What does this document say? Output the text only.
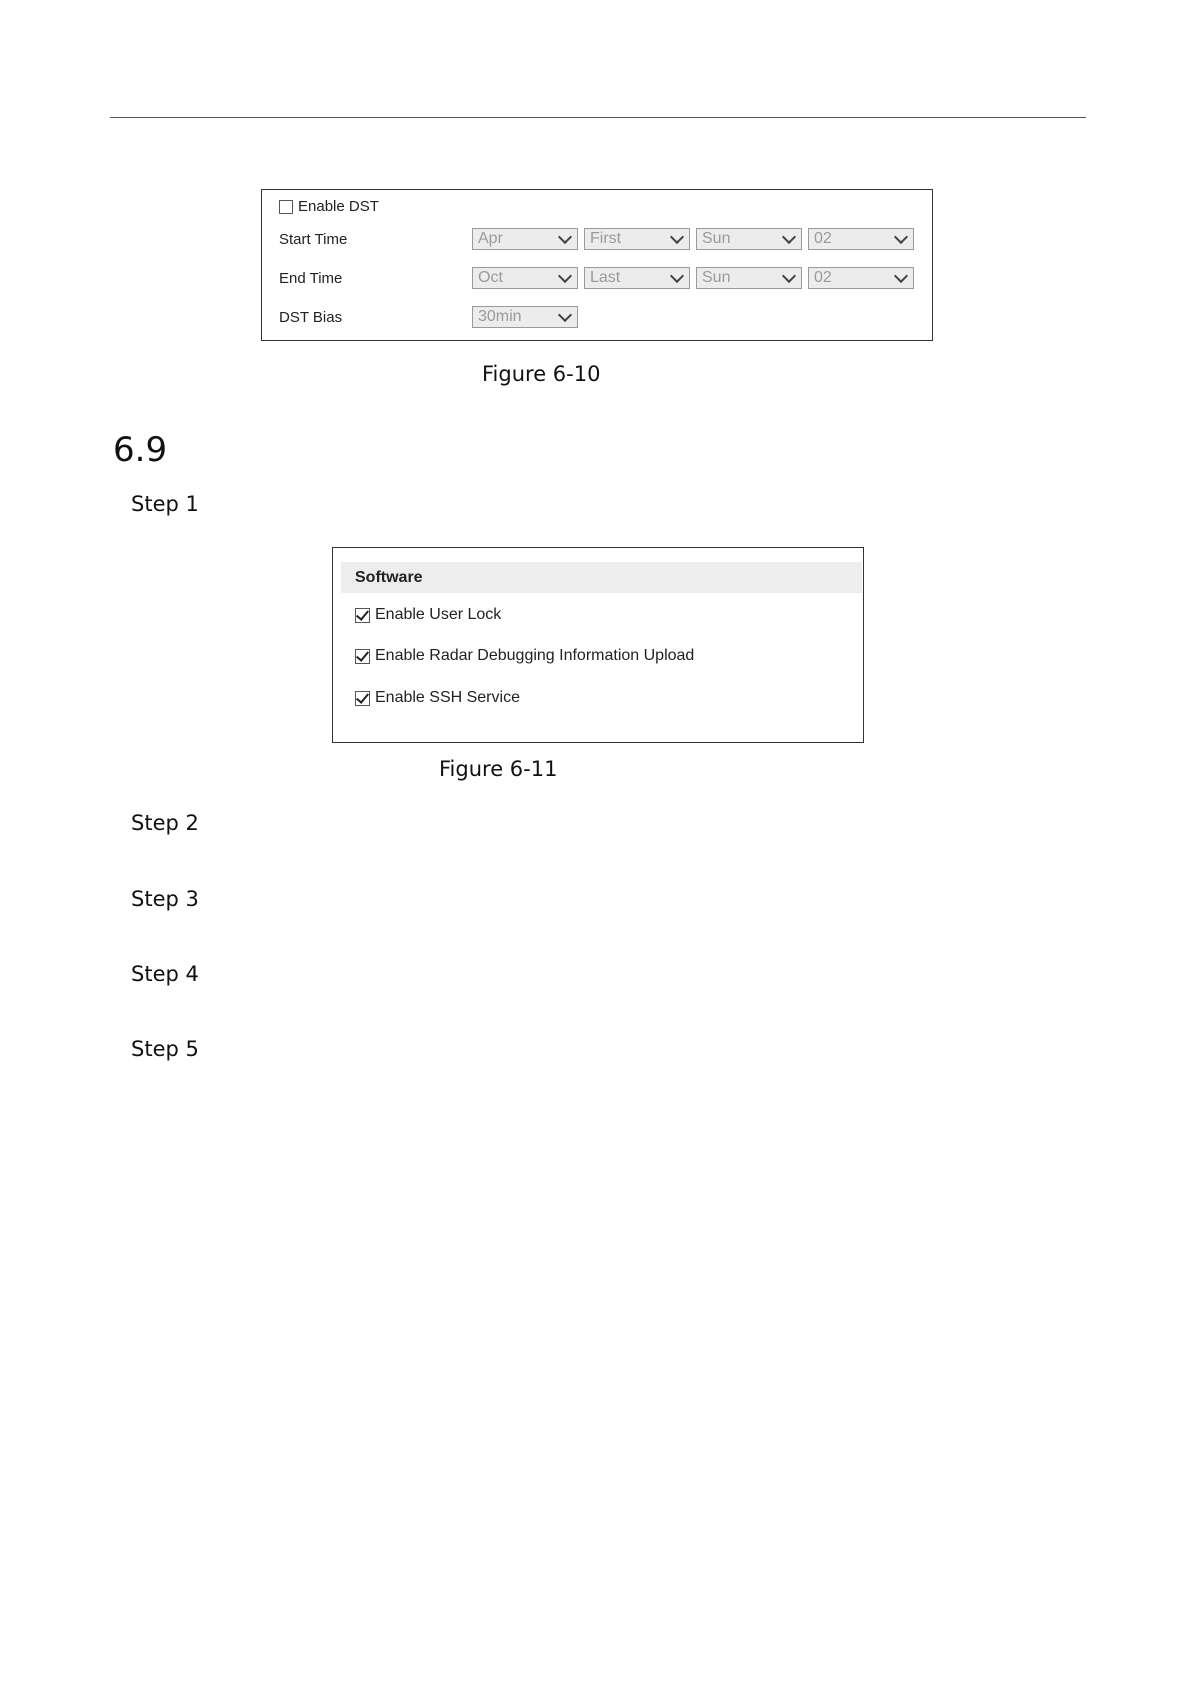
Enable DST
Start Time	Apr	First	Sun	02
End Time	Oct	Last	Sun	02
DST Bias	30min
Figure 6-10
6.9
Step 1
Software
Enable User Lock
Enable Radar Debugging Information Upload
Enable SSH Service
Figure 6-11
Step 2
Step 3
Step 4
Step 5
